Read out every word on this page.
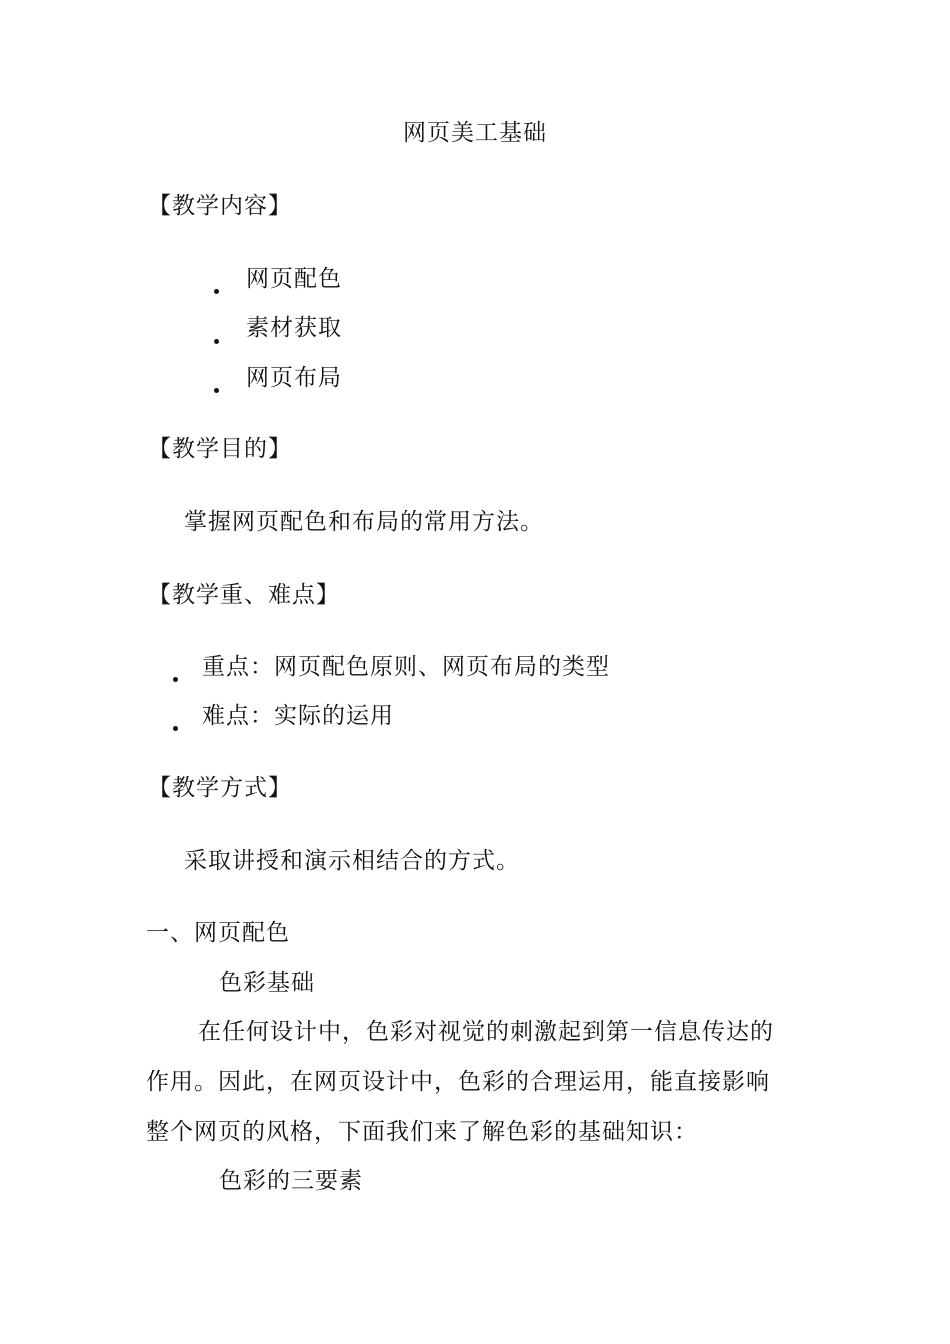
网页美工基础
【教学内容】
网页配色
素材获取
网页布局
【教学目的】
掌握网页配色和布局的常用方法。
【教学重、难点】
重点：网页配色原则、网页布局的类型
难点：实际的运用
【教学方式】
采取讲授和演示相结合的方式。
一、网页配色
色彩基础
在任何设计中，色彩对视觉的刺激起到第一信息传达的
作用。因此，在网页设计中，色彩的合理运用，能直接影响
整个网页的风格，下面我们来了解色彩的基础知识：
色彩的三要素
